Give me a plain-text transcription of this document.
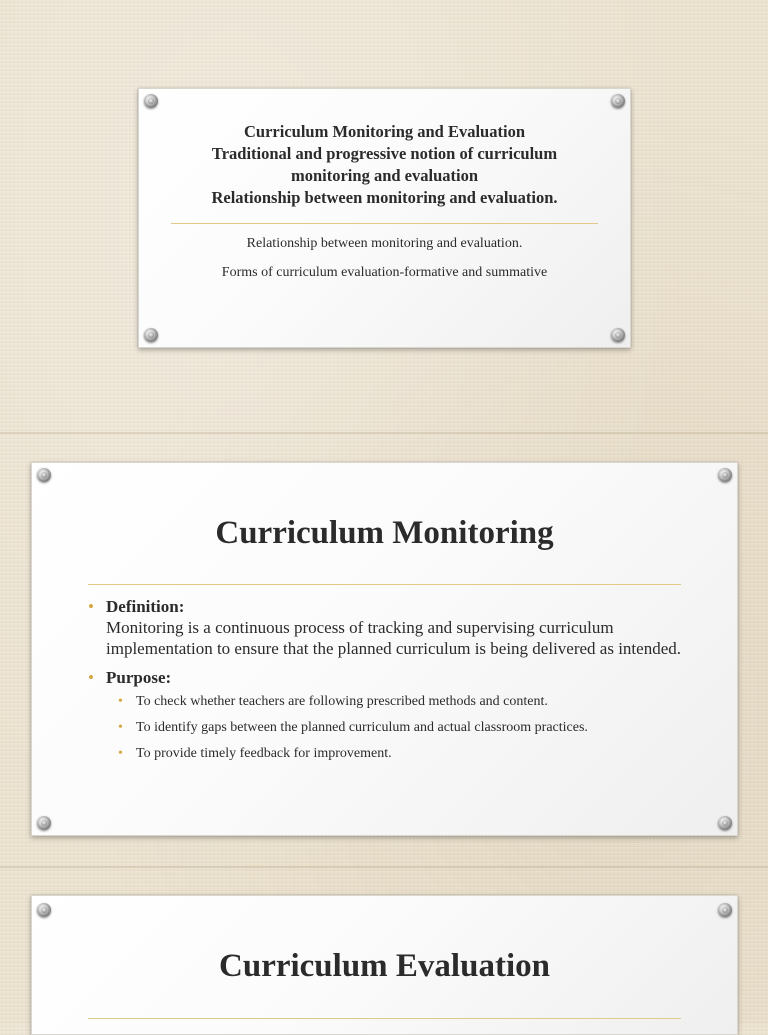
Curriculum Monitoring and Evaluation
Traditional and progressive notion of curriculum
monitoring and evaluation
Relationship between monitoring and evaluation.
Relationship between monitoring and evaluation.
Forms of curriculum evaluation-formative and summative
Curriculum Monitoring
• Definition:
Monitoring is a continuous process of tracking and supervising curriculum implementation to ensure that the planned curriculum is being delivered as intended.
• Purpose:
• To check whether teachers are following prescribed methods and content.
• To identify gaps between the planned curriculum and actual classroom practices.
• To provide timely feedback for improvement.
Curriculum Evaluation
